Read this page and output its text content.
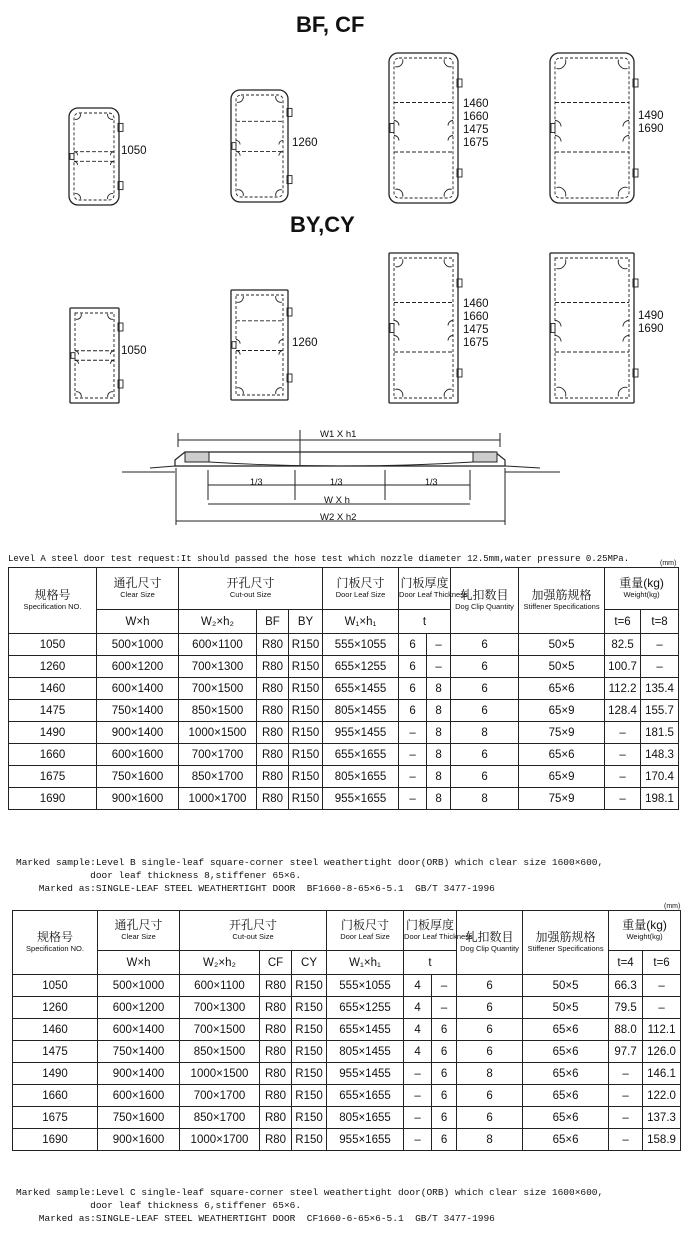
BF, CF
BY,CY
1050
1260
1460
1660
1475
1675
1490
1690
1050
1260
1460
1660
1475
1675
1490
1690
W1 X h1
1/3	1/3	1/3
W X h
W2 X h2
Level A steel door test request:It should passed the hose test which nozzle diameter 12.5mm,water pressure 0.25MPa.	(mm)
规格号
Specification NO.	通孔尺寸
Clear Size	开孔尺寸
Cut-out Size			门板尺寸
Door Leaf Size	门板厚度
Door Leaf Thickness		轧扣数目
Dog Clip Quantity	加强筋规格
Stiffener Specifications	重量(kg)
Weight(kg)	

	W×h	W₂×h₂	BF	BY	W₁×h₁	t				t=6	t=8
1050	500×1000	600×1100	R80	R150	555×1055	6	–	6	50×5	82.5	–
1260	600×1200	700×1300	R80	R150	655×1255	6	–	6	50×5	100.7	–
1460	600×1400	700×1500	R80	R150	655×1455	6	8	6	65×6	112.2	135.4
1475	750×1400	850×1500	R80	R150	805×1455	6	8	6	65×9	128.4	155.7
1490	900×1400	1000×1500	R80	R150	955×1455	–	8	8	75×9	–	181.5
1660	600×1600	700×1700	R80	R150	655×1655	–	8	6	65×6	–	148.3
1675	750×1600	850×1700	R80	R150	805×1655	–	8	6	65×9	–	170.4
1690	900×1600	1000×1700	R80	R150	955×1655	–	8	8	75×9	–	198.1

Marked sample:Level B single-leaf square-corner steel weathertight door(ORB) which clear size 1600×600,
door leaf thickness 8,stiffener 65×6.
Marked as:SINGLE-LEAF STEEL WEATHERTIGHT DOOR  BF1660-8-65×6-5.1  GB/T 3477-1996

(mm)
规格号
Specification NO.	通孔尺寸
Clear Size	开孔尺寸
Cut-out Size			门板尺寸
Door Leaf Size	门板厚度
Door Leaf Thickness		轧扣数目
Dog Clip Quantity	加强筋规格
Stiffener Specifications	重量(kg)
Weight(kg)	

	W×h	W₂×h₂	CF	CY	W₁×h₁	t				t=4	t=6
1050	500×1000	600×1100	R80	R150	555×1055	4	–	6	50×5	66.3	–
1260	600×1200	700×1300	R80	R150	655×1255	4	–	6	50×5	79.5	–
1460	600×1400	700×1500	R80	R150	655×1455	4	6	6	65×6	88.0	112.1
1475	750×1400	850×1500	R80	R150	805×1455	4	6	6	65×6	97.7	126.0
1490	900×1400	1000×1500	R80	R150	955×1455	–	6	8	65×6	–	146.1
1660	600×1600	700×1700	R80	R150	655×1655	–	6	6	65×6	–	122.0
1675	750×1600	850×1700	R80	R150	805×1655	–	6	6	65×6	–	137.3
1690	900×1600	1000×1700	R80	R150	955×1655	–	6	8	65×6	–	158.9

Marked sample:Level C single-leaf square-corner steel weathertight door(ORB) which clear size 1600×600,
door leaf thickness 6,stiffener 65×6.
Marked as:SINGLE-LEAF STEEL WEATHERTIGHT DOOR  CF1660-6-65×6-5.1  GB/T 3477-1996
